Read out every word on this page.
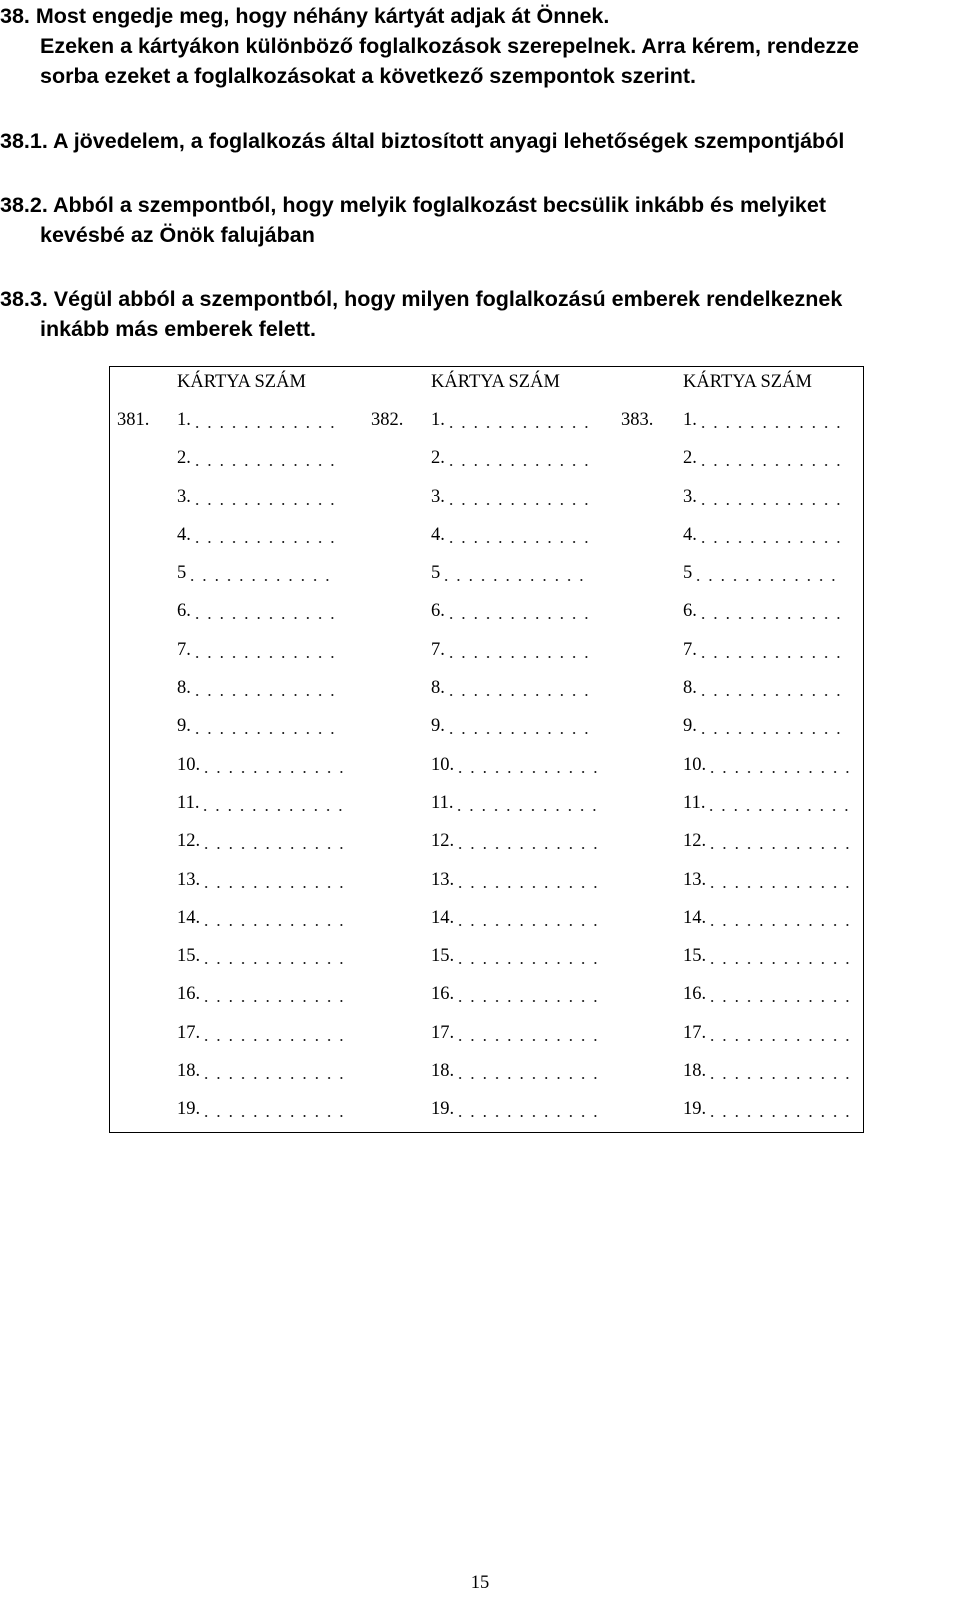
38. Most engedje meg, hogy néhány kártyát adjak át Önnek.
Ezeken a kártyákon különböző foglalkozások szerepelnek. Arra kérem, rendezze
sorba ezeket a foglalkozásokat a következő szempontok szerint.
38.1. A jövedelem, a foglalkozás által biztosított anyagi lehetőségek szempontjából
38.2. Abból a szempontból, hogy melyik foglalkozást becsülik inkább és melyiket
kevésbé az Önök falujában
38.3. Végül abból a szempontból, hogy milyen foglalkozású emberek rendelkeznek
inkább más emberek felett.
KÁRTYA SZÁM
381. 1.
2.
3.
4.
5
6.
7.
8.
9.
10.
11.
12.
13.
14.
15.
16.
17.
18.
19.
KÁRTYA SZÁM
382. 1.
2.
3.
4.
5
6.
7.
8.
9.
10.
11.
12.
13.
14.
15.
16.
17.
18.
19.
KÁRTYA SZÁM
383. 1.
2.
3.
4.
5
6.
7.
8.
9.
10.
11.
12.
13.
14.
15.
16.
17.
18.
19.
15
